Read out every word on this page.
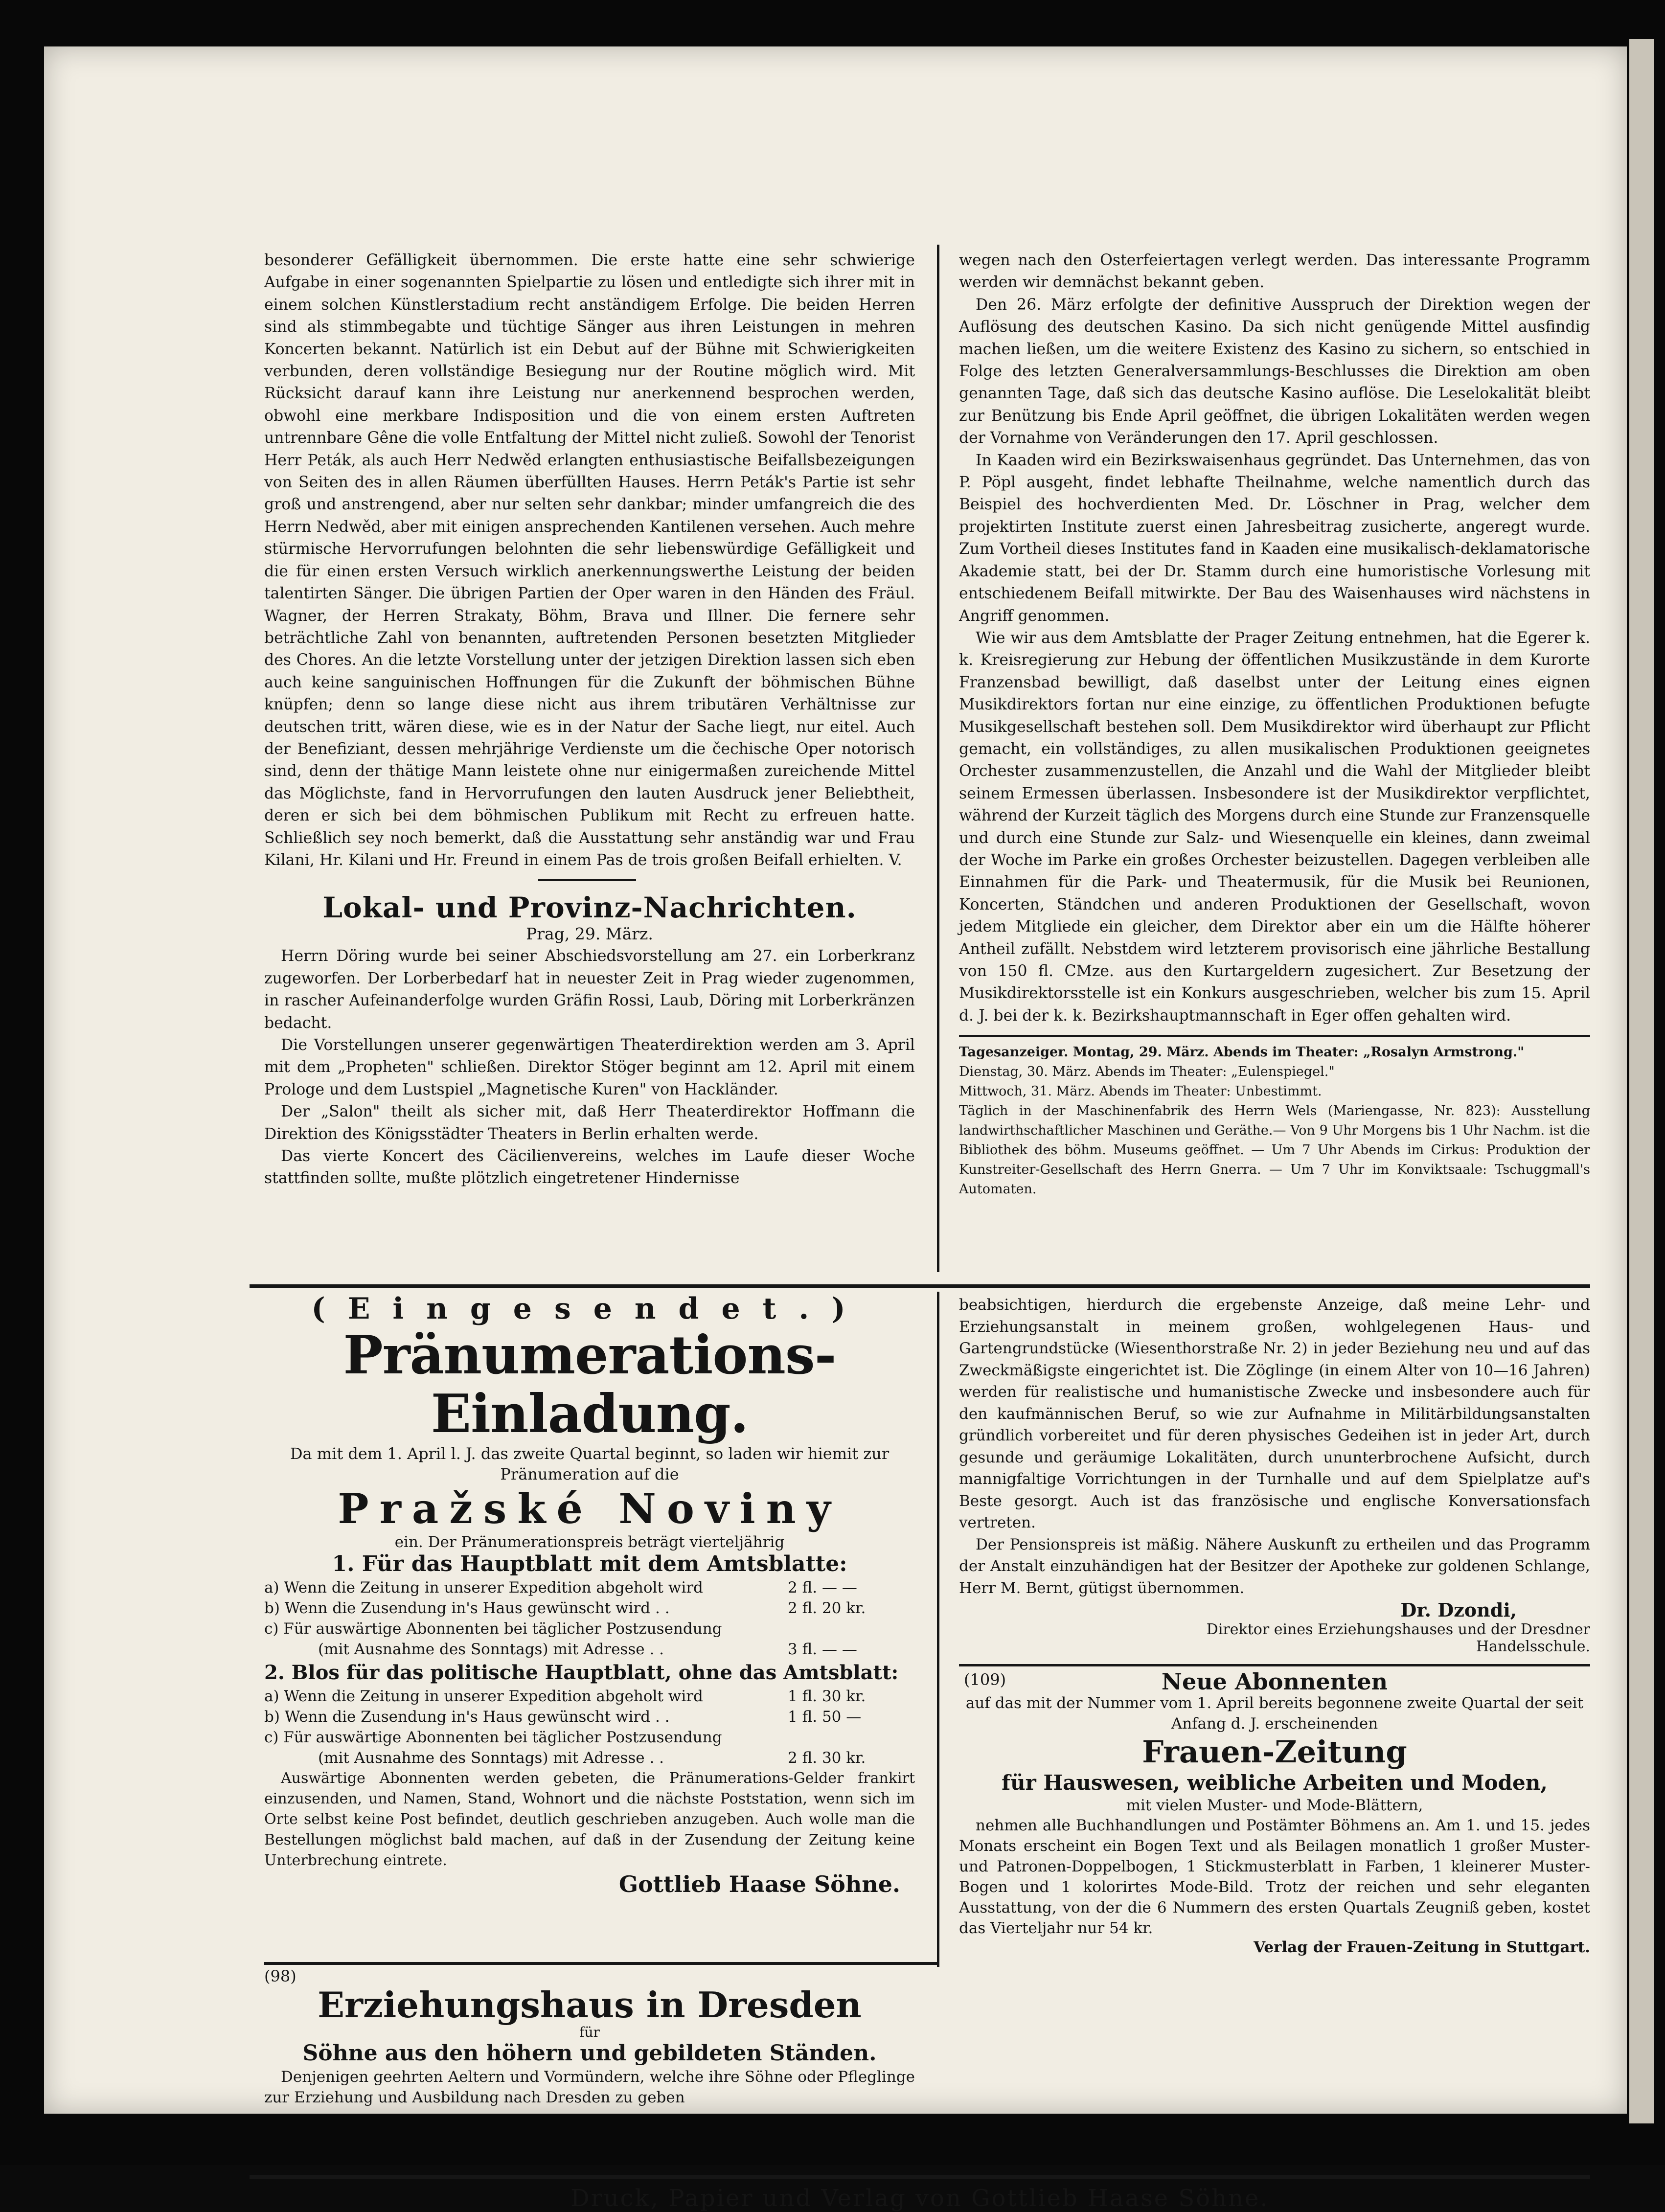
besonderer Gefälligkeit übernommen. Die erste hatte eine sehr schwierige Aufgabe in einer sogenannten Spielpartie zu lösen und entledigte sich ihrer mit in einem solchen Künstlerstadium recht anständigem Erfolge. Die beiden Herren sind als stimmbegabte und tüchtige Sänger aus ihren Leistungen in mehren Koncerten bekannt. Natürlich ist ein Debut auf der Bühne mit Schwierigkeiten verbunden, deren vollständige Besiegung nur der Routine möglich wird. Mit Rücksicht darauf kann ihre Leistung nur anerkennend besprochen werden, obwohl eine merkbare Indisposition und die von einem ersten Auftreten untrennbare Gêne die volle Entfaltung der Mittel nicht zuließ. Sowohl der Tenorist Herr Peták, als auch Herr Nedwěd erlangten enthusiastische Beifallsbezeigungen von Seiten des in allen Räumen überfüllten Hauses. Herrn Peták's Partie ist sehr groß und anstrengend, aber nur selten sehr dankbar; minder umfangreich die des Herrn Nedwěd, aber mit einigen ansprechenden Kantilenen versehen. Auch mehre stürmische Hervorrufungen belohnten die sehr liebenswürdige Gefälligkeit und die für einen ersten Versuch wirklich anerkennungswerthe Leistung der beiden talentirten Sänger. Die übrigen Partien der Oper waren in den Händen des Fräul. Wagner, der Herren Strakaty, Böhm, Brava und Illner. Die fernere sehr beträchtliche Zahl von benannten, auftretenden Personen besetzten Mitglieder des Chores. An die letzte Vorstellung unter der jetzigen Direktion lassen sich eben auch keine sanguinischen Hoffnungen für die Zukunft der böhmischen Bühne knüpfen; denn so lange diese nicht aus ihrem tributären Verhältnisse zur deutschen tritt, wären diese, wie es in der Natur der Sache liegt, nur eitel. Auch der Benefiziant, dessen mehrjährige Verdienste um die čechische Oper notorisch sind, denn der thätige Mann leistete ohne nur einigermaßen zureichende Mittel das Möglichste, fand in Hervorrufungen den lauten Ausdruck jener Beliebtheit, deren er sich bei dem böhmischen Publikum mit Recht zu erfreuen hatte. Schließlich sey noch bemerkt, daß die Ausstattung sehr anständig war und Frau Kilani, Hr. Kilani und Hr. Freund in einem Pas de trois großen Beifall erhielten. V.

Lokal- und Provinz-Nachrichten.
Prag, 29. März.

Herrn Döring wurde bei seiner Abschiedsvorstellung am 27. ein Lorberkranz zugeworfen. Der Lorberbedarf hat in neuester Zeit in Prag wieder zugenommen, in rascher Aufeinanderfolge wurden Gräfin Rossi, Laub, Döring mit Lorberkränzen bedacht.

Die Vorstellungen unserer gegenwärtigen Theaterdirektion werden am 3. April mit dem „Propheten" schließen. Direktor Stöger beginnt am 12. April mit einem Prologe und dem Lustspiel „Magnetische Kuren" von Hackländer.

Der „Salon" theilt als sicher mit, daß Herr Theaterdirektor Hoffmann die Direktion des Königsstädter Theaters in Berlin erhalten werde.

Das vierte Koncert des Cäcilienvereins, welches im Laufe dieser Woche stattfinden sollte, mußte plötzlich eingetretener Hindernisse

wegen nach den Osterfeiertagen verlegt werden. Das interessante Programm werden wir demnächst bekannt geben.

Den 26. März erfolgte der definitive Ausspruch der Direktion wegen der Auflösung des deutschen Kasino. Da sich nicht genügende Mittel ausfindig machen ließen, um die weitere Existenz des Kasino zu sichern, so entschied in Folge des letzten Generalversammlungs-Beschlusses die Direktion am oben genannten Tage, daß sich das deutsche Kasino auflöse. Die Leselokalität bleibt zur Benützung bis Ende April geöffnet, die übrigen Lokalitäten werden wegen der Vornahme von Veränderungen den 17. April geschlossen.

In Kaaden wird ein Bezirkswaisenhaus gegründet. Das Unternehmen, das von P. Pöpl ausgeht, findet lebhafte Theilnahme, welche namentlich durch das Beispiel des hochverdienten Med. Dr. Löschner in Prag, welcher dem projektirten Institute zuerst einen Jahresbeitrag zusicherte, angeregt wurde. Zum Vortheil dieses Institutes fand in Kaaden eine musikalisch-deklamatorische Akademie statt, bei der Dr. Stamm durch eine humoristische Vorlesung mit entschiedenem Beifall mitwirkte. Der Bau des Waisenhauses wird nächstens in Angriff genommen.

Wie wir aus dem Amtsblatte der Prager Zeitung entnehmen, hat die Egerer k. k. Kreisregierung zur Hebung der öffentlichen Musikzustände in dem Kurorte Franzensbad bewilligt, daß daselbst unter der Leitung eines eignen Musikdirektors fortan nur eine einzige, zu öffentlichen Produktionen befugte Musikgesellschaft bestehen soll. Dem Musikdirektor wird überhaupt zur Pflicht gemacht, ein vollständiges, zu allen musikalischen Produktionen geeignetes Orchester zusammenzustellen, die Anzahl und die Wahl der Mitglieder bleibt seinem Ermessen überlassen. Insbesondere ist der Musikdirektor verpflichtet, während der Kurzeit täglich des Morgens durch eine Stunde zur Franzensquelle und durch eine Stunde zur Salz- und Wiesenquelle ein kleines, dann zweimal der Woche im Parke ein großes Orchester beizustellen. Dagegen verbleiben alle Einnahmen für die Park- und Theatermusik, für die Musik bei Reunionen, Koncerten, Ständchen und anderen Produktionen der Gesellschaft, wovon jedem Mitgliede ein gleicher, dem Direktor aber ein um die Hälfte höherer Antheil zufällt. Nebstdem wird letzterem provisorisch eine jährliche Bestallung von 150 fl. CMze. aus den Kurtargeldern zugesichert. Zur Besetzung der Musikdirektorsstelle ist ein Konkurs ausgeschrieben, welcher bis zum 15. April d. J. bei der k. k. Bezirkshauptmannschaft in Eger offen gehalten wird.

Tagesanzeiger. Montag, 29. März. Abends im Theater: „Rosalyn Armstrong."
Dienstag, 30. März. Abends im Theater: „Eulenspiegel."
Mittwoch, 31. März. Abends im Theater: Unbestimmt.
Täglich in der Maschinenfabrik des Herrn Wels (Mariengasse, Nr. 823): Ausstellung landwirthschaftlicher Maschinen und Geräthe.— Von 9 Uhr Morgens bis 1 Uhr Nachm. ist die Bibliothek des böhm. Museums geöffnet. — Um 7 Uhr Abends im Cirkus: Produktion der Kunstreiter-Gesellschaft des Herrn Gnerra. — Um 7 Uhr im Konviktsaale: Tschuggmall's Automaten.
(Eingesendet.)
Pränumerations-Einladung.
Da mit dem 1. April l. J. das zweite Quartal beginnt, so laden wir hiemit zur Pränumeration auf die
Pražské Noviny
ein. Der Pränumerationspreis beträgt vierteljährig
1. Für das Hauptblatt mit dem Amtsblatte:
a) Wenn die Zeitung in unserer Expedition abgeholt wird	2 fl. — —
b) Wenn die Zusendung in's Haus gewünscht wird . .	2 fl. 20 kr.
c) Für auswärtige Abonnenten bei täglicher Postzusendung
(mit Ausnahme des Sonntags) mit Adresse . .	3 fl. — —
2. Blos für das politische Hauptblatt, ohne das Amtsblatt:
a) Wenn die Zeitung in unserer Expedition abgeholt wird	1 fl. 30 kr.
b) Wenn die Zusendung in's Haus gewünscht wird . .	1 fl. 50 —
c) Für auswärtige Abonnenten bei täglicher Postzusendung
(mit Ausnahme des Sonntags) mit Adresse . .	2 fl. 30 kr.

Auswärtige Abonnenten werden gebeten, die Pränumerations-Gelder frankirt einzusenden, und Namen, Stand, Wohnort und die nächste Poststation, wenn sich im Orte selbst keine Post befindet, deutlich geschrieben anzugeben. Auch wolle man die Bestellungen möglichst bald machen, auf daß in der Zusendung der Zeitung keine Unterbrechung eintrete.

Gottlieb Haase Söhne.
(98)
Erziehungshaus in Dresden
für
Söhne aus den höhern und gebildeten Ständen.

Denjenigen geehrten Aeltern und Vormündern, welche ihre Söhne oder Pfleglinge zur Erziehung und Ausbildung nach Dresden zu geben

beabsichtigen, hierdurch die ergebenste Anzeige, daß meine Lehr- und Erziehungsanstalt in meinem großen, wohlgelegenen Haus- und Gartengrundstücke (Wiesenthorstraße Nr. 2) in jeder Beziehung neu und auf das Zweckmäßigste eingerichtet ist. Die Zöglinge (in einem Alter von 10—16 Jahren) werden für realistische und humanistische Zwecke und insbesondere auch für den kaufmännischen Beruf, so wie zur Aufnahme in Militärbildungsanstalten gründlich vorbereitet und für deren physisches Gedeihen ist in jeder Art, durch gesunde und geräumige Lokalitäten, durch ununterbrochene Aufsicht, durch mannigfaltige Vorrichtungen in der Turnhalle und auf dem Spielplatze auf's Beste gesorgt. Auch ist das französische und englische Konversationsfach vertreten.

Der Pensionspreis ist mäßig. Nähere Auskunft zu ertheilen und das Programm der Anstalt einzuhändigen hat der Besitzer der Apotheke zur goldenen Schlange, Herr M. Bernt, gütigst übernommen.

Dr. Dzondi,
Direktor eines Erziehungshauses und der Dresdner Handelsschule.
(109)	Neue Abonnenten
auf das mit der Nummer vom 1. April bereits begonnene zweite Quartal der seit Anfang d. J. erscheinenden
Frauen-Zeitung
für Hauswesen, weibliche Arbeiten und Moden,
mit vielen Muster- und Mode-Blättern,

nehmen alle Buchhandlungen und Postämter Böhmens an. Am 1. und 15. jedes Monats erscheint ein Bogen Text und als Beilagen monatlich 1 großer Muster- und Patronen-Doppelbogen, 1 Stickmusterblatt in Farben, 1 kleinerer Muster-Bogen und 1 kolorirtes Mode-Bild. Trotz der reichen und sehr eleganten Ausstattung, von der die 6 Nummern des ersten Quartals Zeugniß geben, kostet das Vierteljahr nur 54 kr.

Verlag der Frauen-Zeitung in Stuttgart.
Druck, Papier und Verlag von Gottlieb Haase Söhne.
